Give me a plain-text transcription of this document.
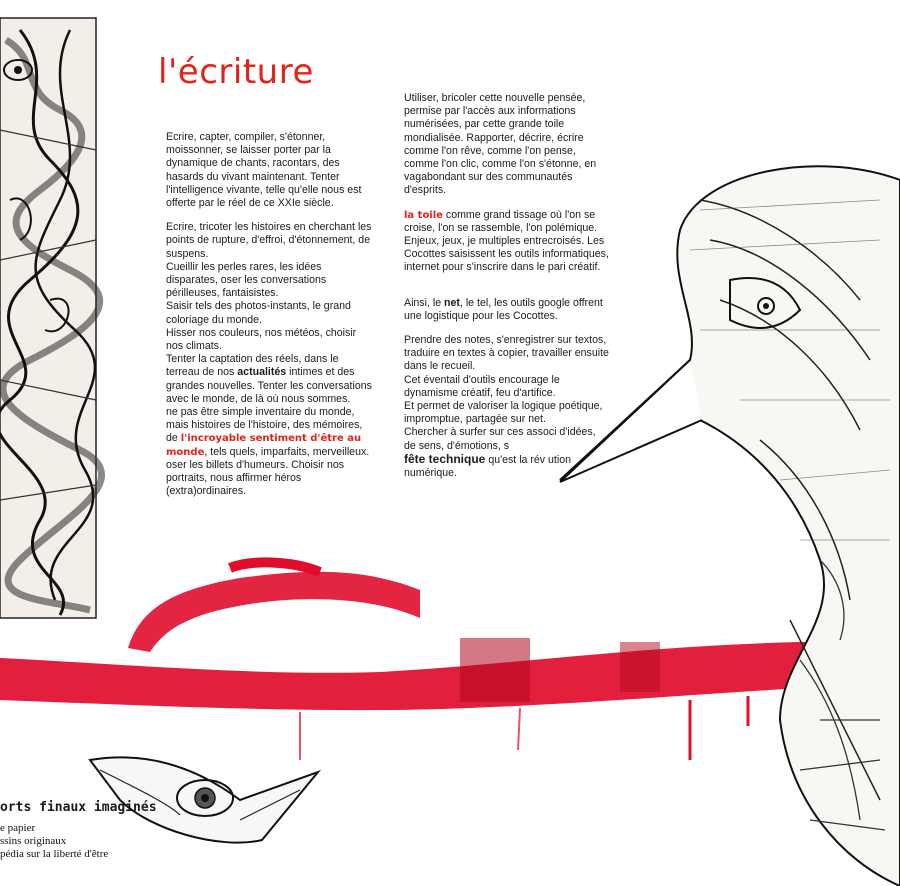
l'écriture

Ecrire, capter, compiler, s'étonner, moissonner, se laisser porter par la dynamique de chants, racontars, des hasards du vivant maintenant. Tenter l'intelligence vivante, telle qu'elle nous est offerte par le réel de ce XXIe siècle.

Ecrire, tricoter les histoires en cherchant les points de rupture, d'effroi, d'étonnement, de suspens.
Cueillir les perles rares, les idées disparates, oser les conversations périlleuses, fantaisistes.
Saisir tels des photos-instants, le grand coloriage du monde.
Hisser nos couleurs, nos météos, choisir nos climats.
Tenter la captation des réels, dans le terreau de nos actualités intimes et des grandes nouvelles. Tenter les conversations avec le monde, de là où nous sommes.
ne pas être simple inventaire du monde, mais histoires de l'histoire, des mémoires, de l'incroyable sentiment d'être au monde, tels quels, imparfaits, merveilleux.
oser les billets d'humeurs. Choisir nos portraits, nous affirmer héros (extra)ordinaires.

Utiliser, bricoler cette nouvelle pensée, permise par l'accès aux informations numérisées, par cette grande toile mondialisée. Rapporter, décrire, écrire comme l'on rêve, comme l'on pense, comme l'on clic, comme l'on s'étonne, en vagabondant sur des communautés d'esprits.

la toile comme grand tissage où l'on se croise, l'on se rassemble, l'on polémique.
Enjeux, jeux, je multiples entrecroisés. Les Cocottes saisissent les outils informatiques, internet pour s'inscrire dans le pari créatif.

Ainsi, le net, le tel, les outils google offrent une logistique pour les Cocottes.

Prendre des notes, s'enregistrer sur textos, traduire en textes à copier, travailler ensuite dans le recueil.
Cet éventail d'outils encourage le dynamisme créatif, feu d'artifice.
Et permet de valoriser la logique poétique, impromptue, partagée sur net.
Chercher à surfer sur ces associ d'idées, de sens, d'émotions, s
fête technique qu'est la rév ution numérique.

orts finaux imaginés
e papier
ssins originaux
pédia sur la liberté d'être
